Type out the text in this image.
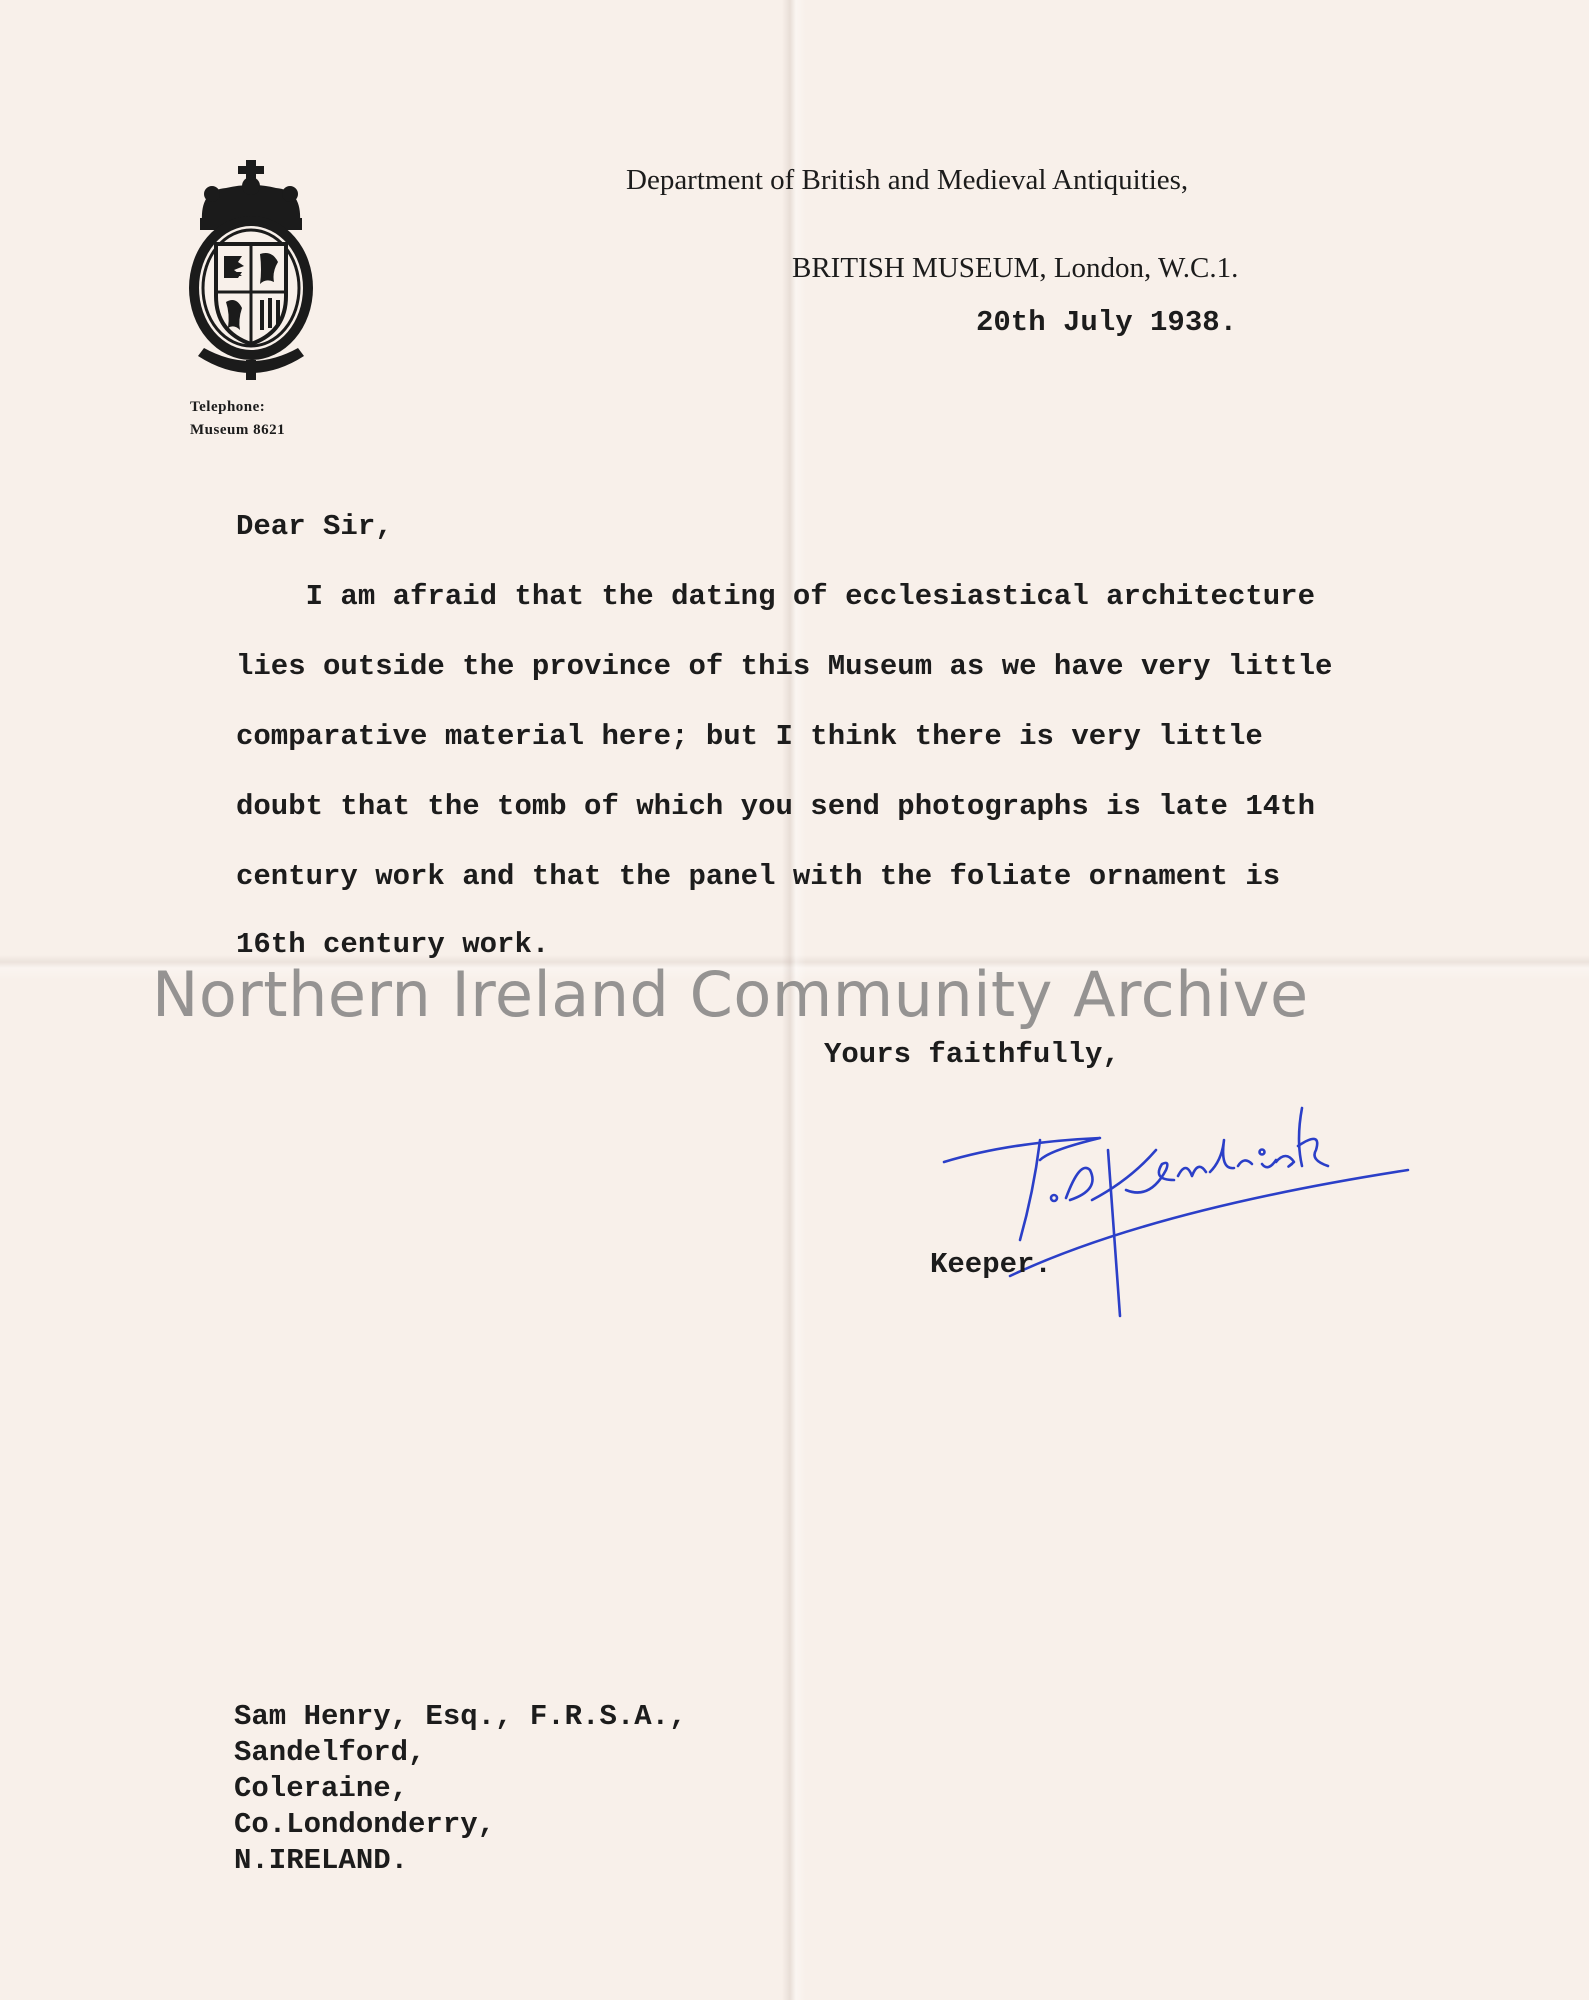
Telephone:
Museum 8621
Department of British and Medieval Antiquities,
BRITISH MUSEUM, London, W.C.1.
20th July 1938.
Dear Sir,
I am afraid that the dating of ecclesiastical architecture
lies outside the province of this Museum as we have very little
comparative material here; but I think there is very little
doubt that the tomb of which you send photographs is late 14th
century work and that the panel with the foliate ornament is
16th century work.
Northern Ireland Community Archive
Yours faithfully,
Keeper.
Sam Henry, Esq., F.R.S.A.,
Sandelford,
Coleraine,
Co.Londonderry,
N.IRELAND.
